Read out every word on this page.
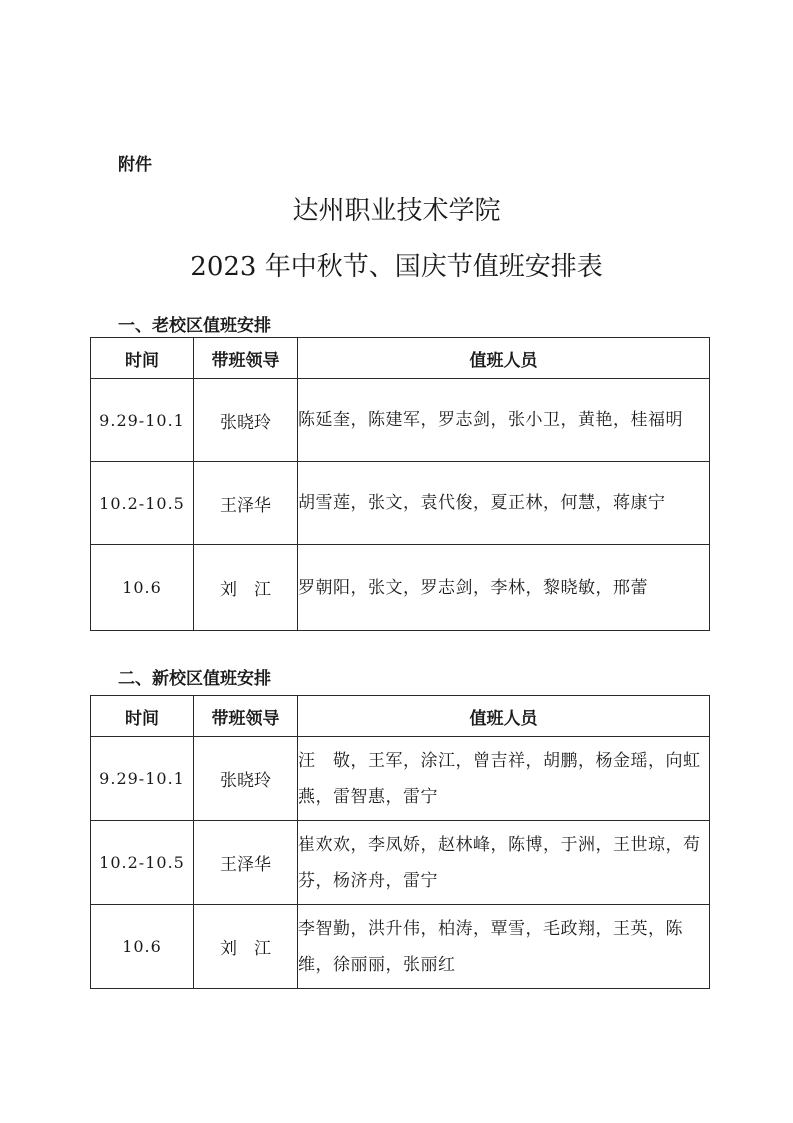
附件
达州职业技术学院
2023 年中秋节、国庆节值班安排表
一、老校区值班安排
时间	带班领导	值班人员
9.29-10.1	张晓玲	陈延奎，陈建军，罗志剑，张小卫，黄艳，桂福明
10.2-10.5	王泽华	胡雪莲，张文，袁代俊，夏正林，何慧，蒋康宁
10.6	刘　江	罗朝阳，张文，罗志剑，李林，黎晓敏，邢蕾
二、新校区值班安排
时间	带班领导	值班人员
9.29-10.1	张晓玲	汪　敬，王军，涂江，曾吉祥，胡鹏，杨金瑶，向虹燕，雷智惠，雷宁
10.2-10.5	王泽华	崔欢欢，李凤娇，赵林峰，陈博，于洲，王世琼，苟芬，杨济舟，雷宁
10.6	刘　江	李智勤，洪升伟，柏涛，覃雪，毛政翔，王英，陈维，徐丽丽，张丽红
